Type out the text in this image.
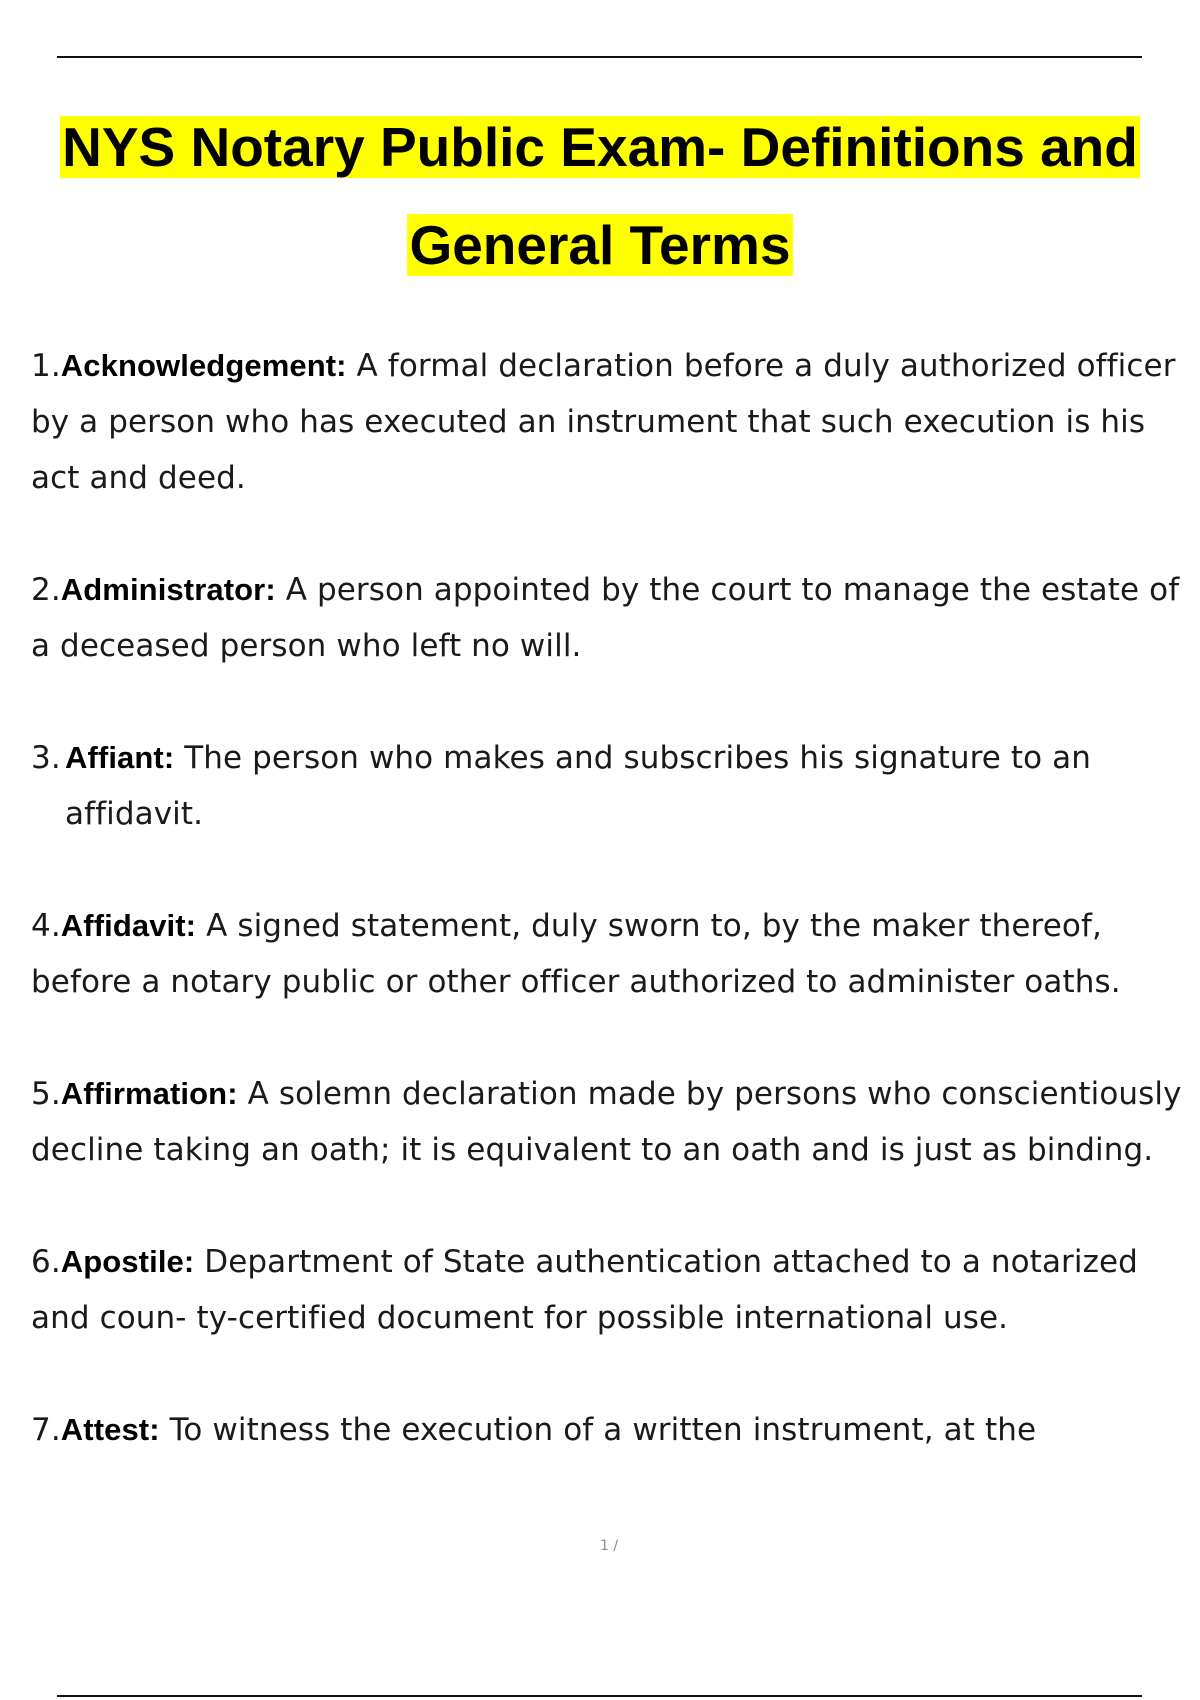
NYS Notary Public Exam- Definitions and
General Terms
1.Acknowledgement: A formal declaration before a duly authorized officer by a person who has executed an instrument that such execution is his act and deed.
2.Administrator: A person appointed by the court to manage the estate of a deceased person who left no will.
3. Affiant: The person who makes and subscribes his signature to an affidavit.
4.Affidavit: A signed statement, duly sworn to, by the maker thereof, before a notary public or other officer authorized to administer oaths.
5.Affirmation: A solemn declaration made by persons who conscientiously decline taking an oath; it is equivalent to an oath and is just as binding.
6.Apostile: Department of State authentication attached to a notarized and coun- ty-certified document for possible international use.
7.Attest: To witness the execution of a written instrument, at the
1 /
